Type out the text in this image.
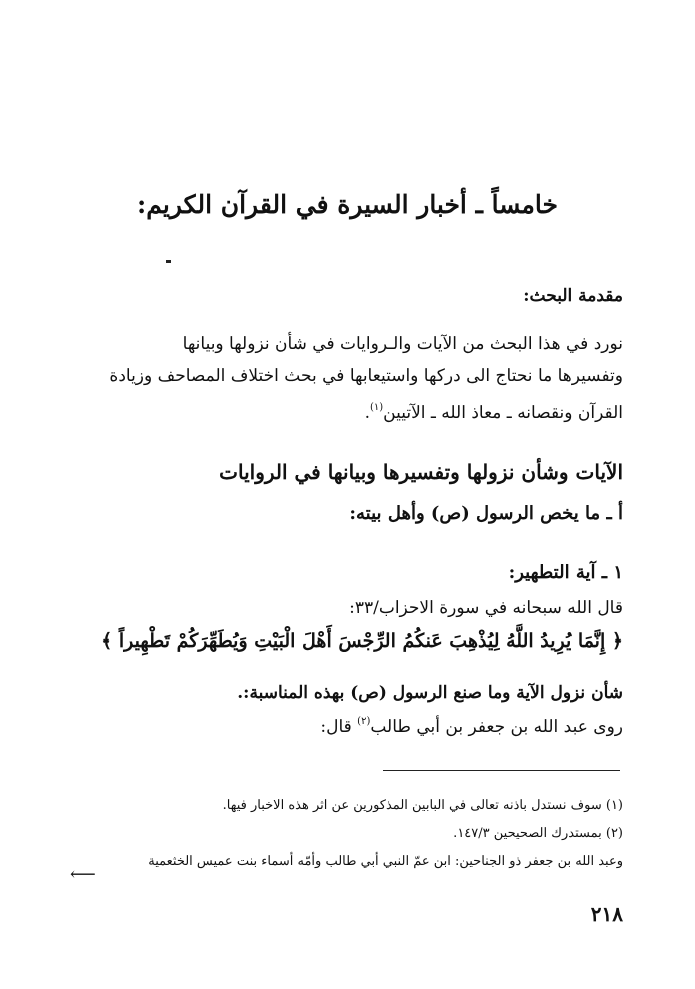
خامساً ـ أخبار السيرة في القرآن الكريم:
مقدمة البحث:
نورد في هذا البحث من الآيات والـروايات في شأن نزولها وبيانها
وتفسيرها ما نحتاج الى دركها واستيعابها في بحث اختلاف المصاحف وزيادة
القرآن ونقصانه ـ معاذ الله ـ الآتيين$^{(١)}$.
الآيات وشأن نزولها وتفسيرها وبيانها في الروايات
أ ـ ما يخص الرسول (ص) وأهل بيته:
١ ـ آية التطهير:

قال الله سبحانه في سورة الاحزاب/٣٣:

﴿ إِنَّمَا يُرِيدُ اللَّهُ لِيُذْهِبَ عَنكُمُ الرِّجْسَ أَهْلَ الْبَيْتِ وَيُطَهِّرَكُمْ تَطْهِيراً ﴾

شأن نزول الآية وما صنع الرسول (ص) بهذه المناسبة:.

روى عبد الله بن جعفر بن أبي طالب$^{(٢)}$ قال:

(١) سوف نستدل باذنه تعالى في البابين المذكورين عن اثر هذه الاخبار فيها.
(٢) بمستدرك الصحيحين ١٤٧/٣.
وعبد الله بن جعفر ذو الجناحين: ابن عمّ النبي أبي طالب وأمّه أسماء بنت عميس الخثعمية
⟵
٢١٨
